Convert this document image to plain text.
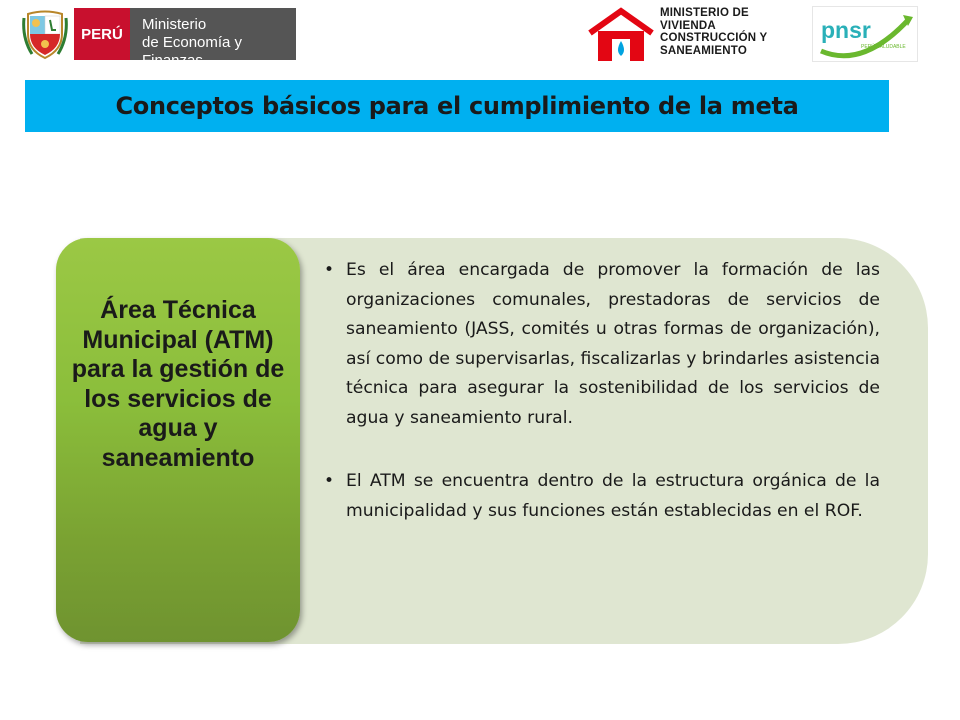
PERÚ
Ministerio
de Economía y Finanzas
MINISTERIO DE
VIVIENDA
CONSTRUCCIÓN Y
SANEAMIENTO
pnsr
PERÚ SALUDABLE
Conceptos básicos para el cumplimiento de la meta

Área Técnica Municipal (ATM) para la gestión de los servicios de agua y saneamiento

• Es el área encargada de promover la formación de las organizaciones comunales, prestadoras de servicios de saneamiento (JASS, comités u otras formas de organización), así como de supervisarlas, fiscalizarlas y brindarles asistencia técnica para asegurar la sostenibilidad de los servicios de agua y saneamiento rural.
• El ATM se encuentra dentro de la estructura orgánica de la municipalidad y sus funciones están establecidas en el ROF.
